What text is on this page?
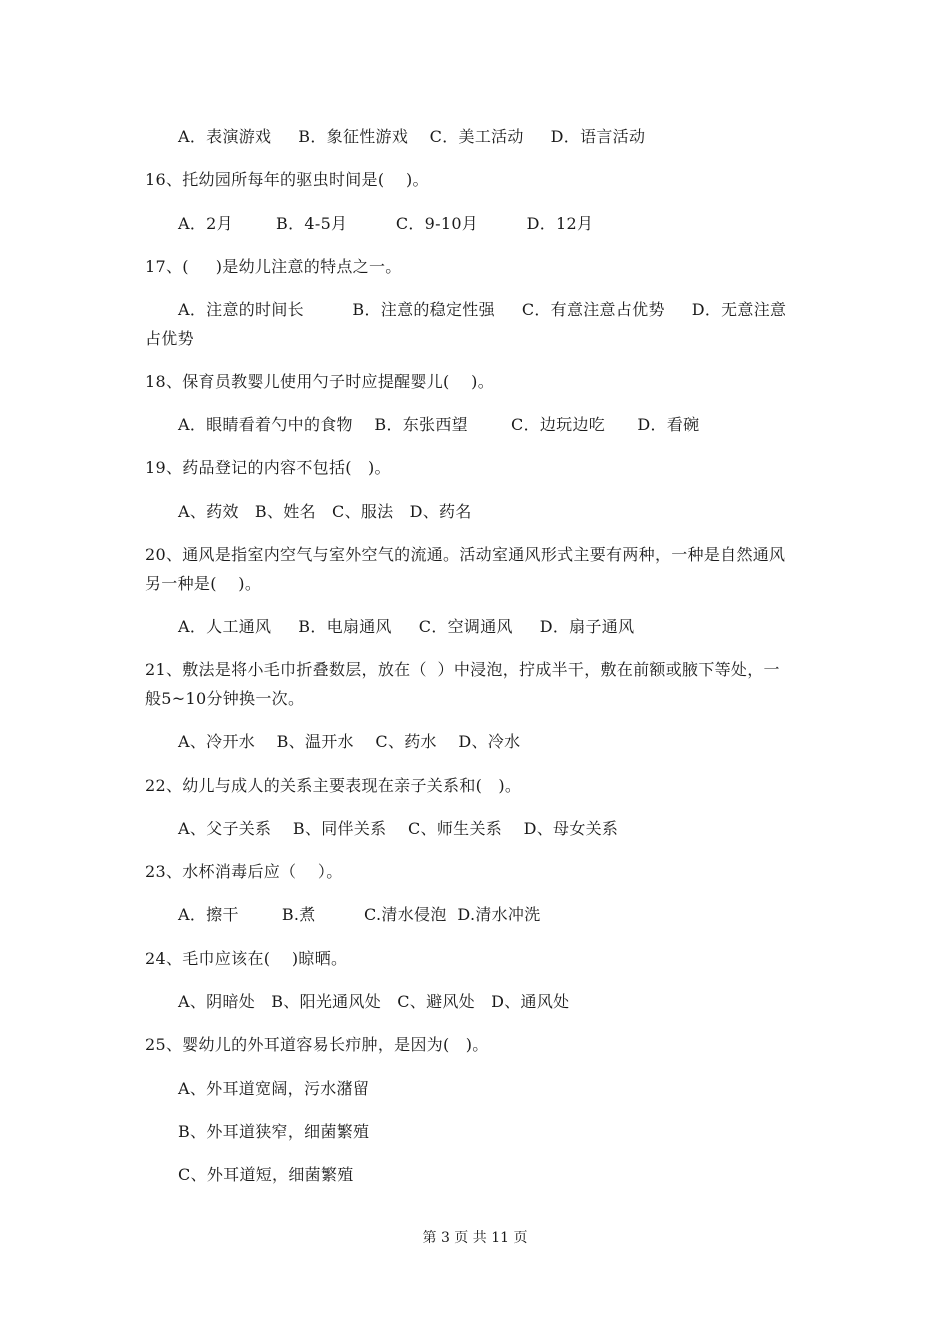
A．表演游戏     B．象征性游戏    C．美工活动     D．语言活动
16、托幼园所每年的驱虫时间是(    )。
A．2月        B．4-5月         C．9-10月         D．12月
17、(     )是幼儿注意的特点之一。
A．注意的时间长         B．注意的稳定性强     C．有意注意占优势     D．无意注意
占优势
18、保育员教婴儿使用勺子时应提醒婴儿(    )。
A．眼睛看着勺中的食物    B．东张西望        C．边玩边吃      D．看碗
19、药品登记的内容不包括(   )。
A、药效   B、姓名   C、服法   D、药名
20、通风是指室内空气与室外空气的流通。活动室通风形式主要有两种，一种是自然通风
另一种是(    )。
A．人工通风     B．电扇通风     C．空调通风     D．扇子通风
21、敷法是将小毛巾折叠数层，放在（  ）中浸泡，拧成半干，敷在前额或腋下等处，一
般5~10分钟换一次。
A、冷开水    B、温开水    C、药水    D、冷水
22、幼儿与成人的关系主要表现在亲子关系和(   )。
A、父子关系    B、同伴关系    C、师生关系    D、母女关系
23、水杯消毒后应（    ）。
A．擦干        B.煮         C.清水侵泡  D.清水冲洗
24、毛巾应该在(    )晾晒。
A、阴暗处   B、阳光通风处   C、避风处   D、通风处
25、婴幼儿的外耳道容易长疖肿，是因为(   )。
A、外耳道宽阔，污水潴留
B、外耳道狭窄，细菌繁殖
C、外耳道短，细菌繁殖
第 3 页 共 11 页
